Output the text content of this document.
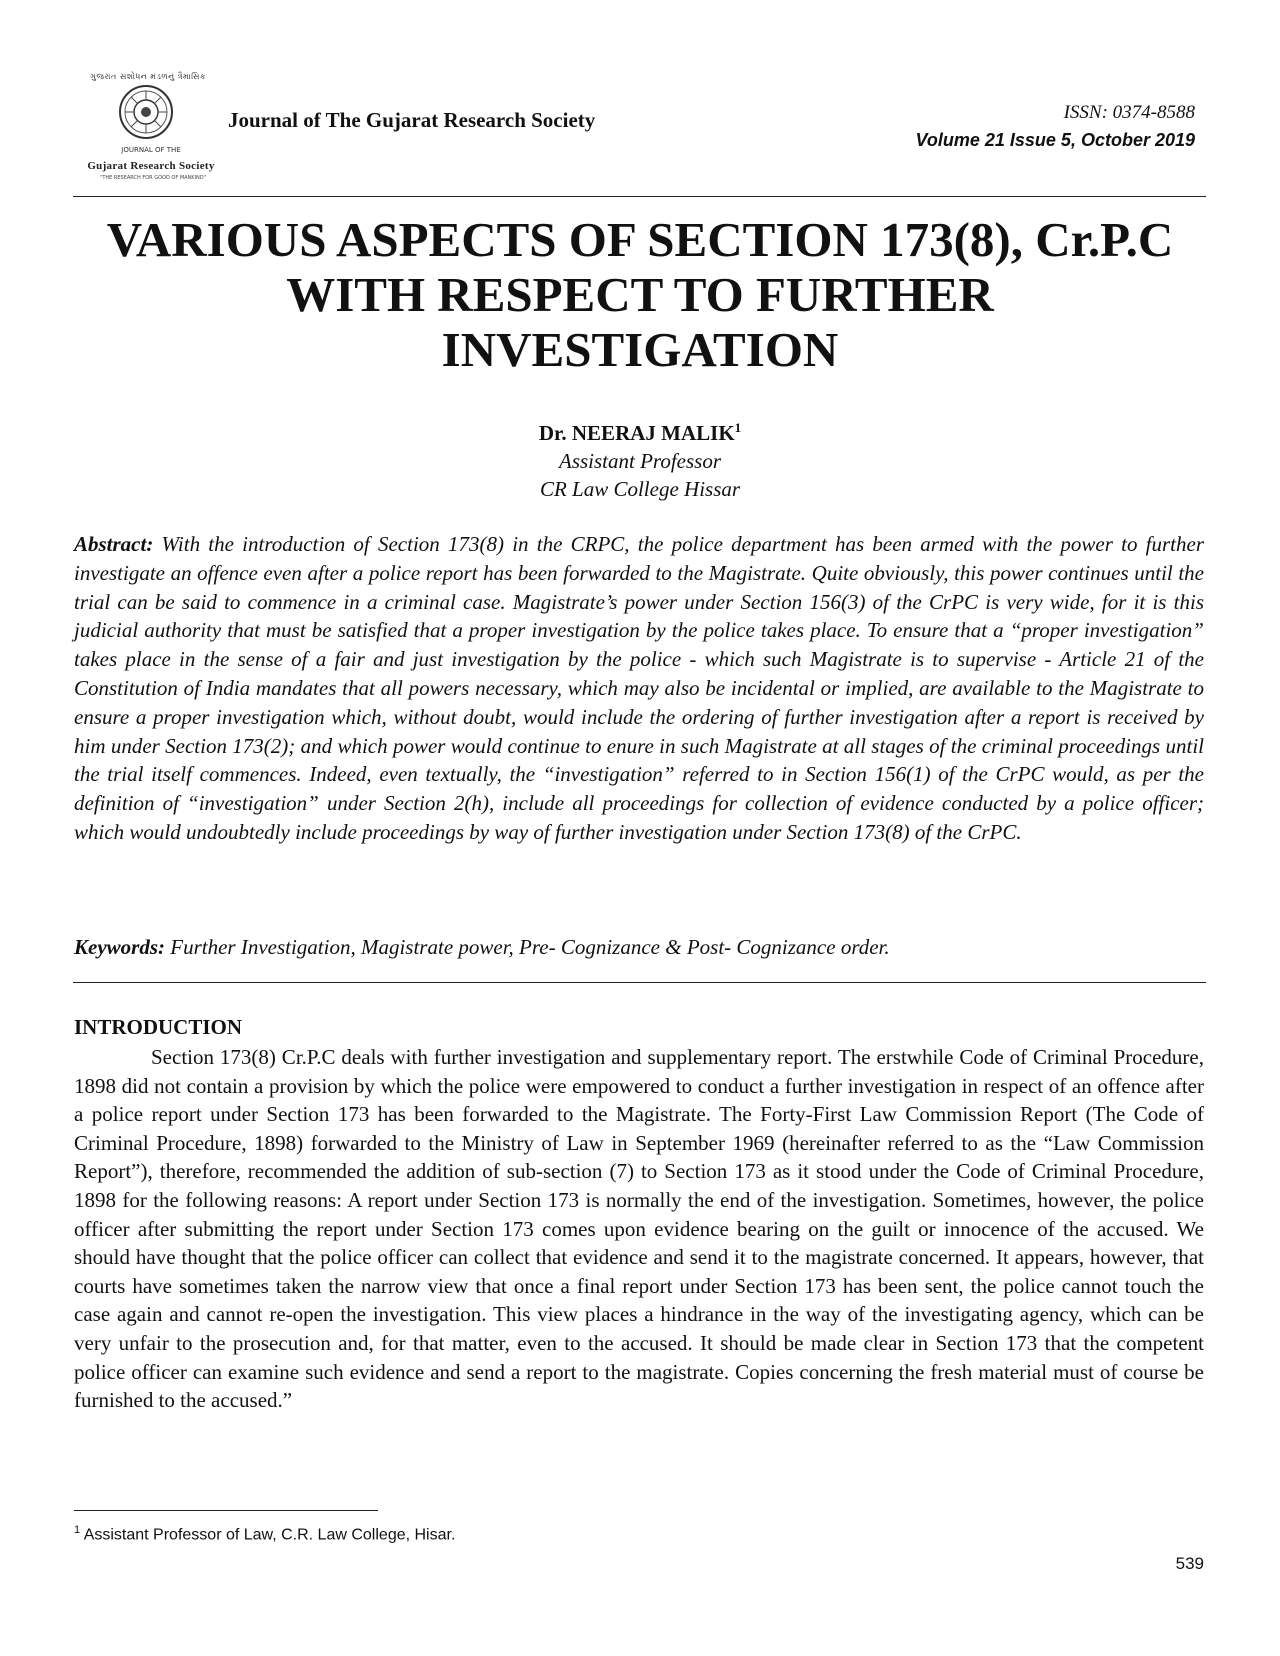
ગુજરાત સંશોધન મંડળનું ત્રૈમાસિક
JOURNAL OF THE
Gujarat Research Society
"THE RESEARCH FOR GOOD OF MANKIND"
Journal of The Gujarat Research Society	ISSN: 0374-8588
Volume 21 Issue 5, October 2019
VARIOUS ASPECTS OF SECTION 173(8), Cr.P.C
WITH RESPECT TO FURTHER
INVESTIGATION
Dr. NEERAJ MALIK$^1$
Assistant Professor
CR Law College Hissar
Abstract: With the introduction of Section 173(8) in the CRPC, the police department has been armed with the power to further investigate an offence even after a police report has been forwarded to the Magistrate. Quite obviously, this power continues until the trial can be said to commence in a criminal case. Magistrate’s power under Section 156(3) of the CrPC is very wide, for it is this judicial authority that must be satisfied that a proper investigation by the police takes place. To ensure that a “proper investigation” takes place in the sense of a fair and just investigation by the police - which such Magistrate is to supervise - Article 21 of the Constitution of India mandates that all powers necessary, which may also be incidental or implied, are available to the Magistrate to ensure a proper investigation which, without doubt, would include the ordering of further investigation after a report is received by him under Section 173(2); and which power would continue to enure in such Magistrate at all stages of the criminal proceedings until the trial itself commences. Indeed, even textually, the “investigation” referred to in Section 156(1) of the CrPC would, as per the definition of “investigation” under Section 2(h), include all proceedings for collection of evidence conducted by a police officer; which would undoubtedly include proceedings by way of further investigation under Section 173(8) of the CrPC.
Keywords: Further Investigation, Magistrate power, Pre- Cognizance & Post- Cognizance order.
INTRODUCTION
Section 173(8) Cr.P.C deals with further investigation and supplementary report. The erstwhile Code of Criminal Procedure, 1898 did not contain a provision by which the police were empowered to conduct a further investigation in respect of an offence after a police report under Section 173 has been forwarded to the Magistrate. The Forty-First Law Commission Report (The Code of Criminal Procedure, 1898) forwarded to the Ministry of Law in September 1969 (hereinafter referred to as the “Law Commission Report”), therefore, recommended the addition of sub-section (7) to Section 173 as it stood under the Code of Criminal Procedure, 1898 for the following reasons: A report under Section 173 is normally the end of the investigation. Sometimes, however, the police officer after submitting the report under Section 173 comes upon evidence bearing on the guilt or innocence of the accused. We should have thought that the police officer can collect that evidence and send it to the magistrate concerned. It appears, however, that courts have sometimes taken the narrow view that once a final report under Section 173 has been sent, the police cannot touch the case again and cannot re-open the investigation. This view places a hindrance in the way of the investigating agency, which can be very unfair to the prosecution and, for that matter, even to the accused. It should be made clear in Section 173 that the competent police officer can examine such evidence and send a report to the magistrate. Copies concerning the fresh material must of course be furnished to the accused.”
$^1$ Assistant Professor of Law, C.R. Law College, Hisar.
539
